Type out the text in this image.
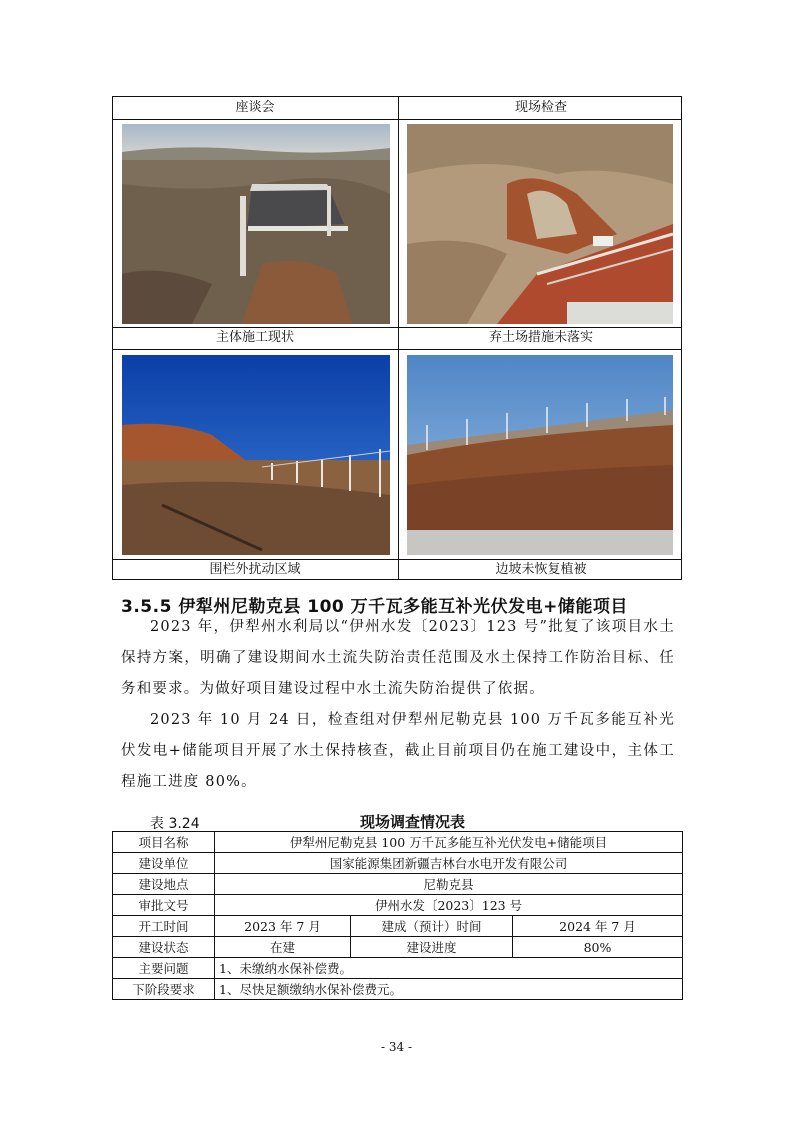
座谈会	现场检查
主体施工现状	弃土场措施未落实
围栏外扰动区域	边坡未恢复植被
3.5.5 伊犁州尼勒克县 100 万千瓦多能互补光伏发电+储能项目

2023 年，伊犁州水利局以“伊州水发〔2023〕123 号”批复了该项目水土保持方案，明确了建设期间水土流失防治责任范围及水土保持工作防治目标、任务和要求。为做好项目建设过程中水土流失防治提供了依据。

2023 年 10 月 24 日，检查组对伊犁州尼勒克县 100 万千瓦多能互补光伏发电+储能项目开展了水土保持核查，截止目前项目仍在施工建设中，主体工程施工进度 80%。

表 3.24	现场调查情况表
项目名称	伊犁州尼勒克县 100 万千瓦多能互补光伏发电+储能项目		
建设单位	国家能源集团新疆吉林台水电开发有限公司		
建设地点	尼勒克县		
审批文号	伊州水发〔2023〕123 号		
开工时间	2023 年 7 月	建成（预计）时间	2024 年 7 月
建设状态	在建	建设进度	80%
主要问题	1、未缴纳水保补偿费。		
下阶段要求	1、尽快足额缴纳水保补偿费元。		
- 34 -
